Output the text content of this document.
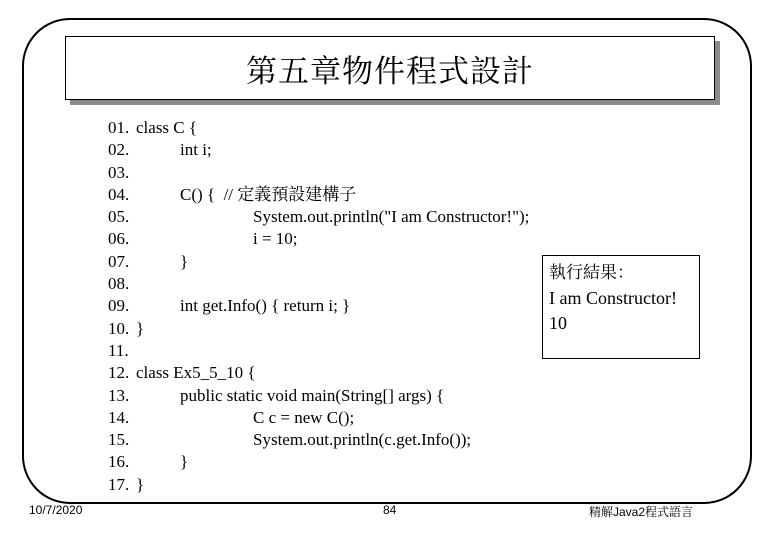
第五章物件程式設計
01. class C {
02.	int i;
03.
04.	C() {  // 定義預設建構子
05.	System.out.println("I am Constructor!");
06.	i = 10;
07.	}
08.
09.	int get.Info() { return i; }
10. }
11.
12. class Ex5_5_10 {
13.	public static void main(String[] args) {
14.	C c = new C();
15.	System.out.println(c.get.Info());
16.	}
17. }
執行結果：
I am Constructor!
10
10/7/2020	84	精解Java2程式語言
